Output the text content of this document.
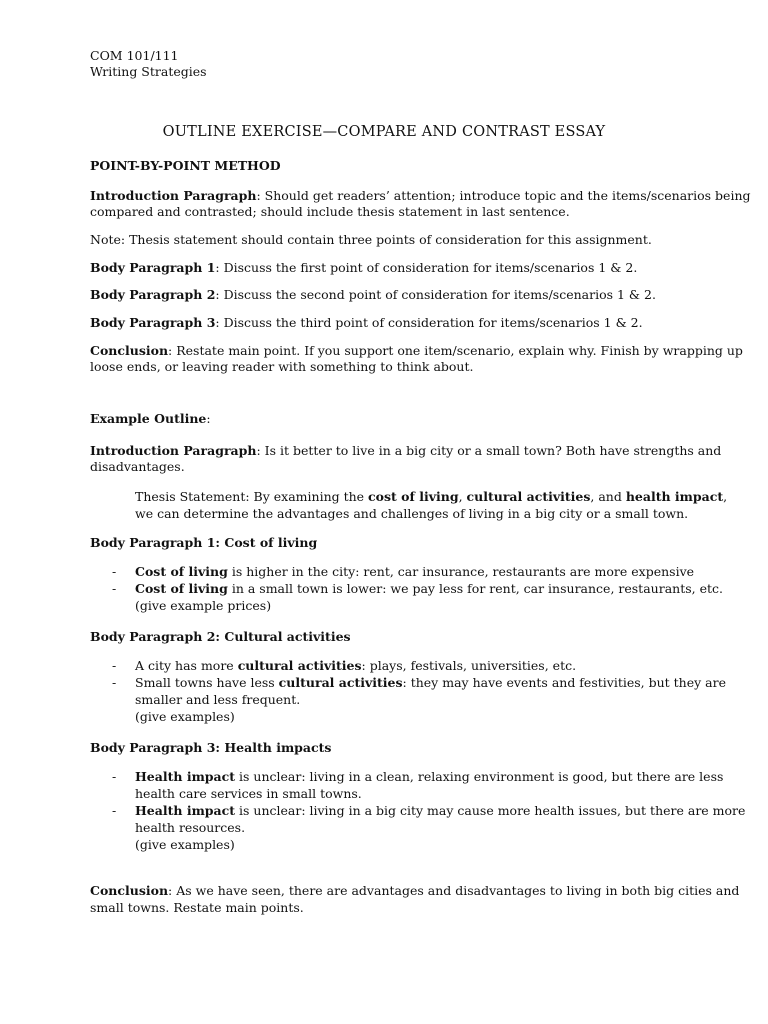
COM 101/111
Writing Strategies
OUTLINE EXERCISE—COMPARE AND CONTRAST ESSAY
POINT-BY-POINT METHOD
Introduction Paragraph: Should get readers’ attention; introduce topic and the items/scenarios being
compared and contrasted; should include thesis statement in last sentence.
Note: Thesis statement should contain three points of consideration for this assignment.
Body Paragraph 1: Discuss the first point of consideration for items/scenarios 1 & 2.
Body Paragraph 2: Discuss the second point of consideration for items/scenarios 1 & 2.
Body Paragraph 3: Discuss the third point of consideration for items/scenarios 1 & 2.
Conclusion: Restate main point. If you support one item/scenario, explain why. Finish by wrapping up
loose ends, or leaving reader with something to think about.
Example Outline:
Introduction Paragraph: Is it better to live in a big city or a small town? Both have strengths and
disadvantages.
Thesis Statement: By examining the cost of living, cultural activities, and health impact,
we can determine the advantages and challenges of living in a big city or a small town.
Body Paragraph 1: Cost of living
- Cost of living is higher in the city: rent, car insurance, restaurants are more expensive
- Cost of living in a small town is lower: we pay less for rent, car insurance, restaurants, etc.
(give example prices)
Body Paragraph 2: Cultural activities
- A city has more cultural activities: plays, festivals, universities, etc.
- Small towns have less cultural activities: they may have events and festivities, but they are
smaller and less frequent.
(give examples)
Body Paragraph 3: Health impacts
- Health impact is unclear: living in a clean, relaxing environment is good, but there are less
health care services in small towns.
- Health impact is unclear: living in a big city may cause more health issues, but there are more
health resources.
(give examples)
Conclusion: As we have seen, there are advantages and disadvantages to living in both big cities and
small towns. Restate main points.
